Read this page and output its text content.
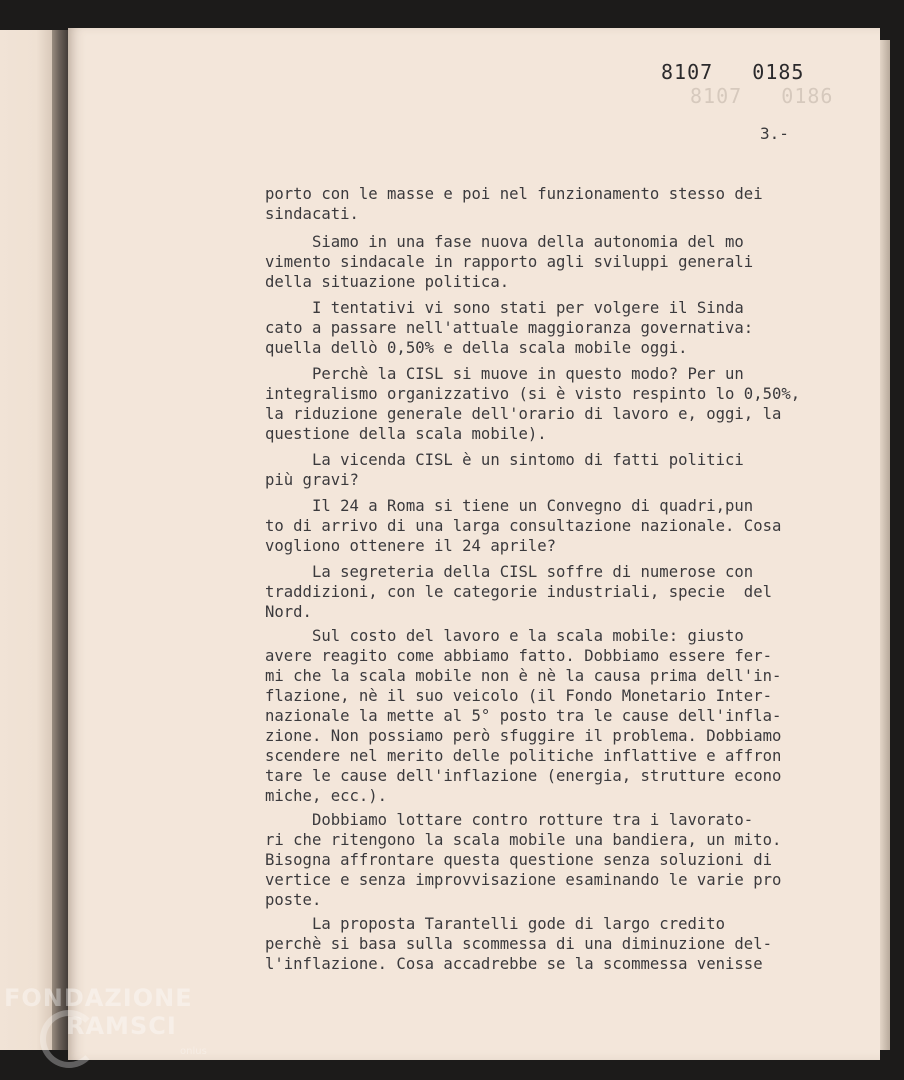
8107   0186
8107   0185
3.-
porto con le masse e poi nel funzionamento stesso dei
sindacati.
Siamo in una fase nuova della autonomia del mo
vimento sindacale in rapporto agli sviluppi generali
della situazione politica.
I tentativi vi sono stati per volgere il Sinda
cato a passare nell'attuale maggioranza governativa:
quella dellò 0,50% e della scala mobile oggi.
Perchè la CISL si muove in questo modo? Per un
integralismo organizzativo (si è visto respinto lo 0,50%,
la riduzione generale dell'orario di lavoro e, oggi, la
questione della scala mobile).
La vicenda CISL è un sintomo di fatti politici
più gravi?
Il 24 a Roma si tiene un Convegno di quadri,pun
to di arrivo di una larga consultazione nazionale. Cosa
vogliono ottenere il 24 aprile?
La segreteria della CISL soffre di numerose con
traddizioni, con le categorie industriali, specie  del
Nord.
Sul costo del lavoro e la scala mobile: giusto
avere reagito come abbiamo fatto. Dobbiamo essere fer-
mi che la scala mobile non è nè la causa prima dell'in-
flazione, nè il suo veicolo (il Fondo Monetario Inter-
nazionale la mette al 5° posto tra le cause dell'infla-
zione. Non possiamo però sfuggire il problema. Dobbiamo
scendere nel merito delle politiche inflattive e affron
tare le cause dell'inflazione (energia, strutture econo
miche, ecc.).
Dobbiamo lottare contro rotture tra i lavorato-
ri che ritengono la scala mobile una bandiera, un mito.
Bisogna affrontare questa questione senza soluzioni di
vertice e senza improvvisazione esaminando le varie pro
poste.
La proposta Tarantelli gode di largo credito
perchè si basa sulla scommessa di una diminuzione del-
l'inflazione. Cosa accadrebbe se la scommessa venisse
FONDAZIONE
RAMSCI
onlus
